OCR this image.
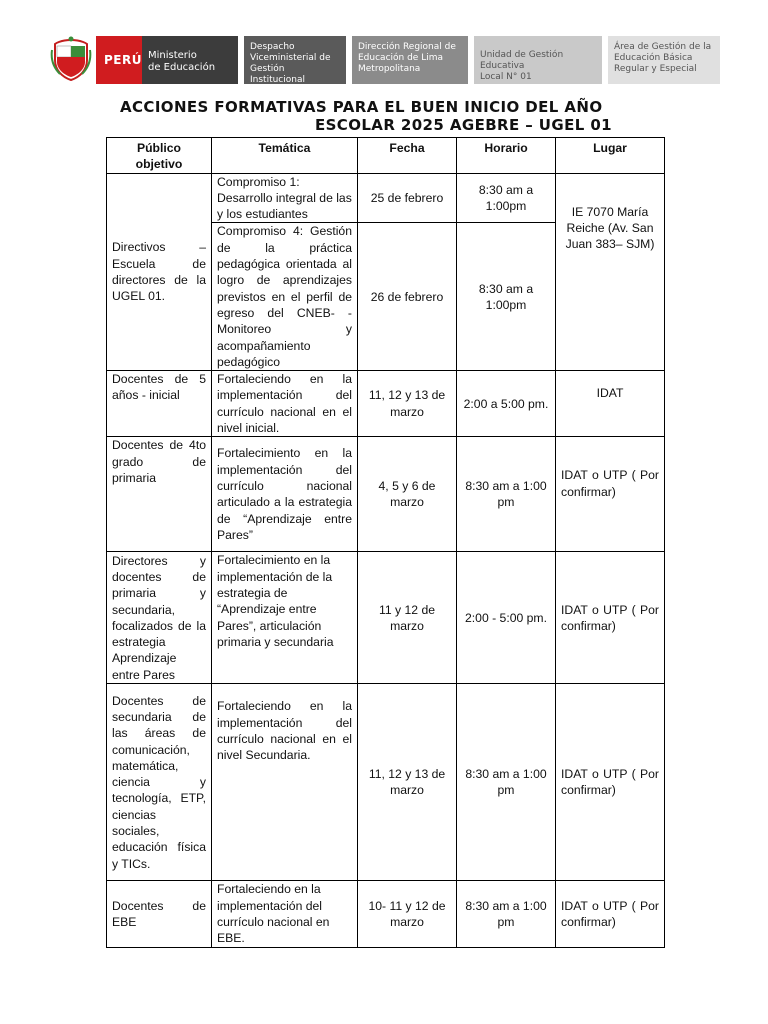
PERÚ Ministerio
de Educación
Despacho
Viceministerial de
Gestión Institucional
Dirección Regional de
Educación de Lima
Metropolitana
Unidad de Gestión Educativa
Local N° 01
Área de Gestión de la
Educación Básica
Regular y Especial
ACCIONES FORMATIVAS PARA EL BUEN INICIO DEL AÑO
ESCOLAR 2025 AGEBRE – UGEL 01
Público objetivo	Temática	Fecha	Horario	Lugar
Directivos – Escuela de directores de la UGEL 01.	Compromiso 1: Desarrollo integral de las y los estudiantes	25 de febrero	8:30 am a 1:00pm	IE 7070 María Reiche (Av. San Juan 383– SJM)
	Compromiso 4: Gestión de la práctica pedagógica orientada al logro de aprendizajes previstos en el perfil de egreso del CNEB- -Monitoreo y acompañamiento pedagógico	26 de febrero	8:30 am a 1:00pm	
Docentes de 5 años - inicial	Fortaleciendo en la implementación del currículo nacional en el nivel inicial.	11, 12 y 13 de marzo	2:00 a 5:00 pm.	IDAT
Docentes de 4to grado de primaria	Fortalecimiento en la implementación del currículo nacional articulado a la estrategia de “Aprendizaje entre Pares”	4, 5 y 6 de marzo	8:30 am a 1:00 pm	IDAT o UTP ( Por confirmar)
Directores y docentes de primaria y secundaria, focalizados de la estrategia Aprendizaje entre Pares	Fortalecimiento en la implementación de la estrategia de “Aprendizaje entre Pares”, articulación primaria y secundaria	11 y 12 de marzo	2:00 - 5:00 pm.	IDAT o UTP ( Por confirmar)
Docentes de secundaria de las áreas de comunicación, matemática, ciencia y tecnología, ETP, ciencias sociales, educación física y TICs.	Fortaleciendo en la implementación del currículo nacional en el nivel Secundaria.	11, 12 y 13 de marzo	8:30 am a 1:00 pm	IDAT o UTP ( Por confirmar)
Docentes de EBE	Fortaleciendo en la implementación del currículo nacional en EBE.	10- 11 y 12 de marzo	8:30 am a 1:00 pm	IDAT o UTP ( Por confirmar)
